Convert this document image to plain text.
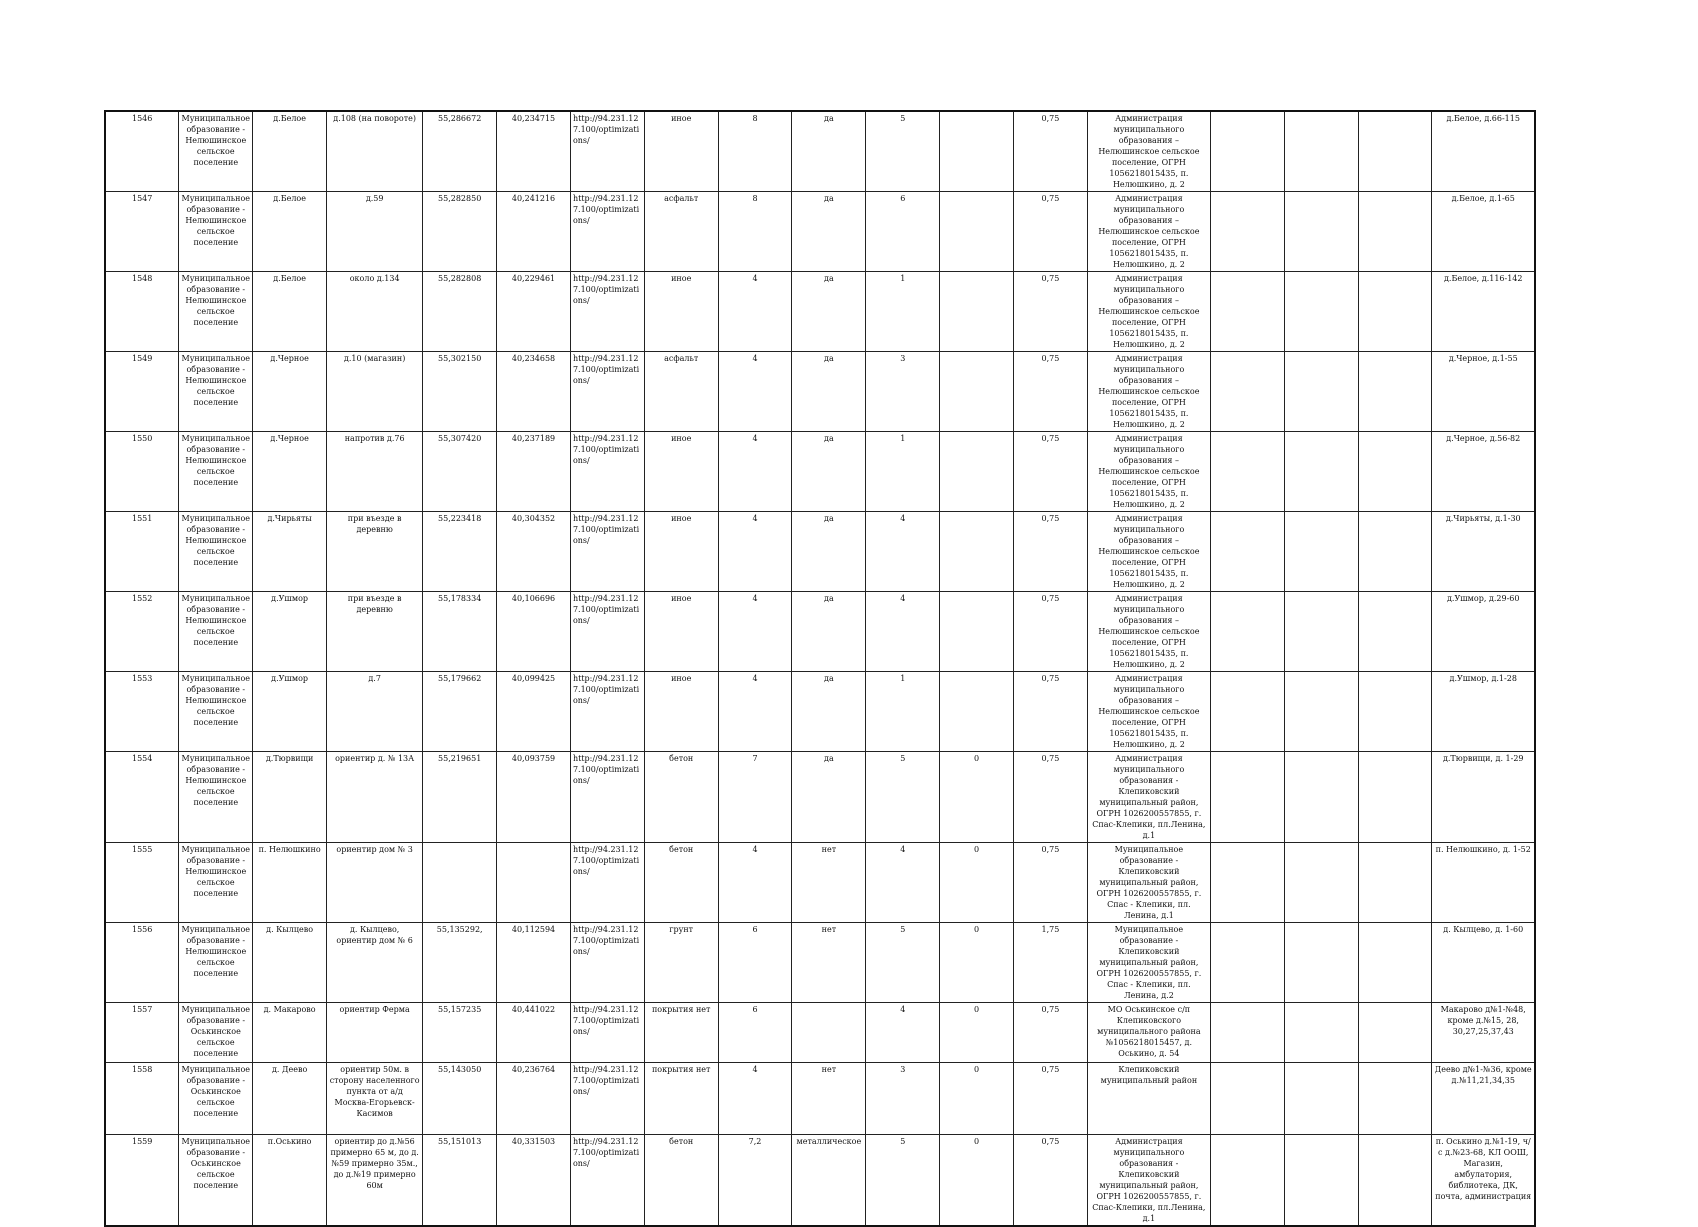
1546	Муниципальное образование - Нелюшинское сельское поселение	д.Белое	д.108 (на повороте)	55,286672	40,234715	http://94.231.127.100/optimizations/	иное	8	да	5		0,75	Администрация муниципального образования – Нелюшинское сельское поселение, ОГРН 1056218015435, п. Нелюшкино, д. 2				д.Белое, д.66-115
1547	Муниципальное образование - Нелюшинское сельское поселение	д.Белое	д.59	55,282850	40,241216	http://94.231.127.100/optimizations/	асфальт	8	да	6		0,75	Администрация муниципального образования – Нелюшинское сельское поселение, ОГРН 1056218015435, п. Нелюшкино, д. 2				д.Белое, д.1-65
1548	Муниципальное образование - Нелюшинское сельское поселение	д.Белое	около д.134	55,282808	40,229461	http://94.231.127.100/optimizations/	иное	4	да	1		0,75	Администрация муниципального образования – Нелюшинское сельское поселение, ОГРН 1056218015435, п. Нелюшкино, д. 2				д.Белое, д.116-142
1549	Муниципальное образование - Нелюшинское сельское поселение	д.Черное	д.10 (магазин)	55,302150	40,234658	http://94.231.127.100/optimizations/	асфальт	4	да	3		0,75	Администрация муниципального образования – Нелюшинское сельское поселение, ОГРН 1056218015435, п. Нелюшкино, д. 2				д.Черное, д.1-55
1550	Муниципальное образование - Нелюшинское сельское поселение	д.Черное	напротив д.76	55,307420	40,237189	http://94.231.127.100/optimizations/	иное	4	да	1		0,75	Администрация муниципального образования – Нелюшинское сельское поселение, ОГРН 1056218015435, п. Нелюшкино, д. 2				д.Черное, д.56-82
1551	Муниципальное образование - Нелюшинское сельское поселение	д.Чирьяты	при въезде в деревню	55,223418	40,304352	http://94.231.127.100/optimizations/	иное	4	да	4		0,75	Администрация муниципального образования – Нелюшинское сельское поселение, ОГРН 1056218015435, п. Нелюшкино, д. 2				д.Чирьяты, д.1-30
1552	Муниципальное образование - Нелюшинское сельское поселение	д.Ушмор	при въезде в деревню	55,178334	40,106696	http://94.231.127.100/optimizations/	иное	4	да	4		0,75	Администрация муниципального образования – Нелюшинское сельское поселение, ОГРН 1056218015435, п. Нелюшкино, д. 2				д.Ушмор, д.29-60
1553	Муниципальное образование - Нелюшинское сельское поселение	д.Ушмор	д.7	55,179662	40,099425	http://94.231.127.100/optimizations/	иное	4	да	1		0,75	Администрация муниципального образования – Нелюшинское сельское поселение, ОГРН 1056218015435, п. Нелюшкино, д. 2				д.Ушмор, д.1-28
1554	Муниципальное образование - Нелюшинское сельское поселение	д.Тюрвищи	ориентир д. № 13А	55,219651	40,093759	http://94.231.127.100/optimizations/	бетон	7	да	5	0	0,75	Администрация муниципального образования - Клепиковский муниципальный район, ОГРН 1026200557855, г. Спас-Клепики, пл.Ленина, д.1				д.Тюрвищи, д. 1-29
1555	Муниципальное образование - Нелюшинское сельское поселение	п. Нелюшкино	ориентир дом № 3			http://94.231.127.100/optimizations/	бетон	4	нет	4	0	0,75	Муниципальное образование - Клепиковский муниципальный район, ОГРН 1026200557855, г. Спас - Клепики, пл. Ленина, д.1				п. Нелюшкино, д. 1-52
1556	Муниципальное образование - Нелюшинское сельское поселение	д. Кылцево	д. Кылцево, ориентир дом № 6	55,135292,	40,112594	http://94.231.127.100/optimizations/	грунт	6	нет	5	0	1,75	Муниципальное образование - Клепиковский муниципальный район, ОГРН 1026200557855, г. Спас - Клепики, пл. Ленина, д.2				д. Кылцево, д. 1-60
1557	Муниципальное образование - Оськинское сельское поселение	д. Макарово	ориентир Ферма	55,157235	40,441022	http://94.231.127.100/optimizations/	покрытия нет	6		4	0	0,75	МО Оськинское с/п Клепиковского муниципального района №1056218015457, д. Оськино, д. 54				Макарово д№1-№48, кроме д.№15, 28, 30,27,25,37,43
1558	Муниципальное образование - Оськинское сельское поселение	д. Деево	ориентир 50м. в сторону населенного пункта от а/д Москва-Егорьевск-Касимов	55,143050	40,236764	http://94.231.127.100/optimizations/	покрытия нет	4	нет	3	0	0,75	Клепиковский муниципальный район				Деево д№1-№36, кроме д.№11,21,34,35
1559	Муниципальное образование - Оськинское сельское поселение	п.Оськино	ориентир до д.№56 примерно 65 м, до д.№59 примерно 35м., до д.№19 примерно 60м	55,151013	40,331503	http://94.231.127.100/optimizations/	бетон	7,2	металлическое	5	0	0,75	Администрация муниципального образования - Клепиковский муниципальный район, ОГРН 1026200557855, г. Спас-Клепики, пл.Ленина, д.1				п. Оськино д.№1-19, ч/с д.№23-68, КЛ ООШ, Магазин, амбулатория, библиотека, ДК, почта, администрация
